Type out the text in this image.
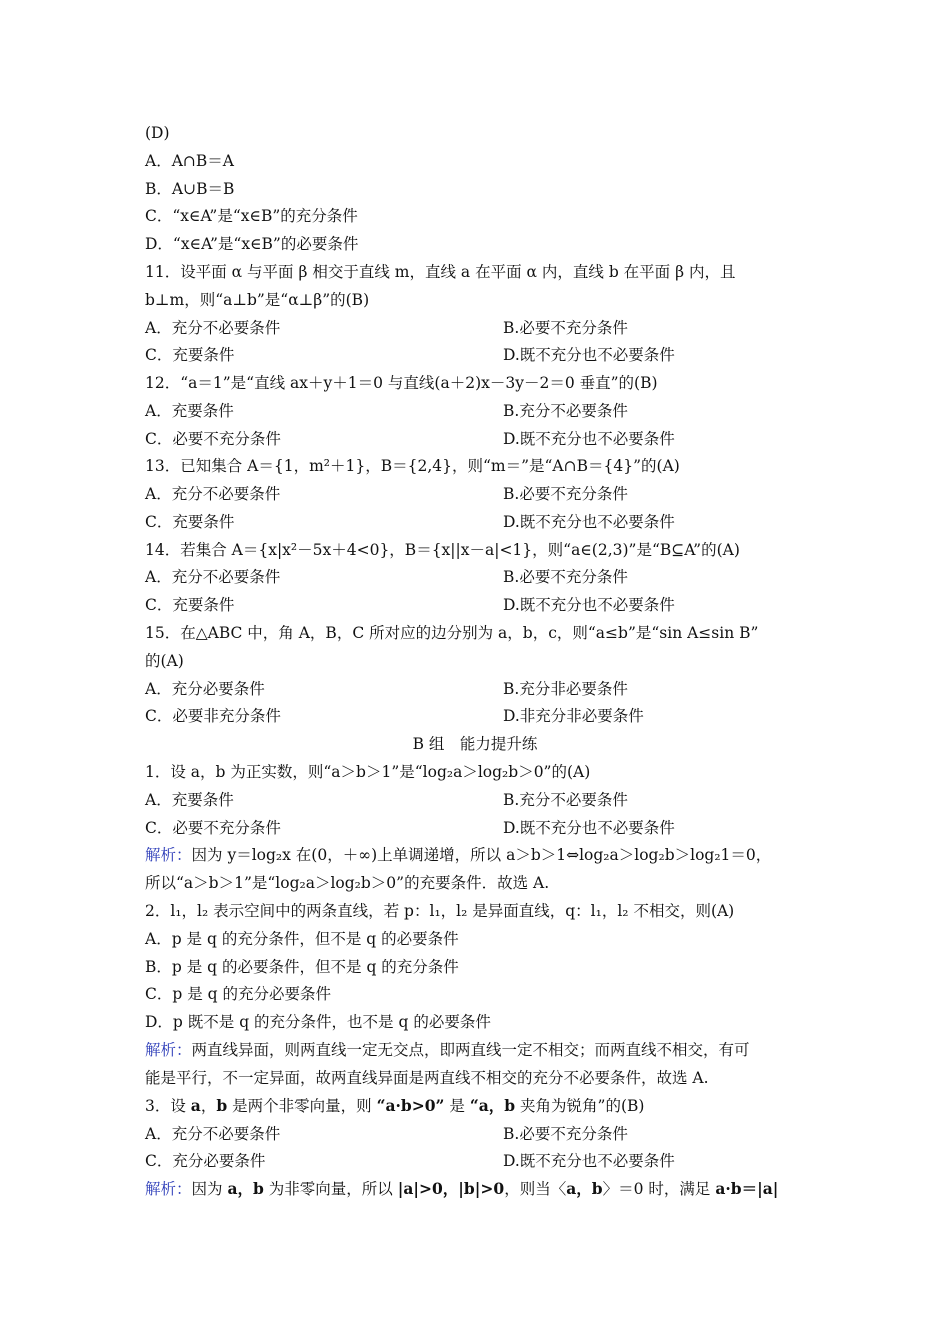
(D)
A．A∩B＝A
B．A∪B＝B
C．“x∈A”是“x∈B”的充分条件
D．“x∈A”是“x∈B”的必要条件
11．设平面 α 与平面 β 相交于直线 m，直线 a 在平面 α 内，直线 b 在平面 β 内，且
b⊥m，则“a⊥b”是“α⊥β”的(B)
A．充分不必要条件	B.必要不充分条件
C．充要条件	D.既不充分也不必要条件
12．“a＝1”是“直线 ax＋y＋1＝0 与直线(a＋2)x－3y－2＝0 垂直”的(B)
A．充要条件	B.充分不必要条件
C．必要不充分条件	D.既不充分也不必要条件
13．已知集合 A＝{1，m²＋1}，B＝{2,4}，则“m＝”是“A∩B＝{4}”的(A)
A．充分不必要条件	B.必要不充分条件
C．充要条件	D.既不充分也不必要条件
14．若集合 A＝{x|x²－5x＋4<0}，B＝{x||x－a|<1}，则“a∈(2,3)”是“B⊆A”的(A)
A．充分不必要条件	B.必要不充分条件
C．充要条件	D.既不充分也不必要条件
15．在△ABC 中，角 A，B，C 所对应的边分别为 a，b，c，则“a≤b”是“sin A≤sin B”
的(A)
A．充分必要条件	B.充分非必要条件
C．必要非充分条件	D.非充分非必要条件
B 组　能力提升练
1．设 a，b 为正实数，则“a＞b＞1”是“log₂a＞log₂b＞0”的(A)
A．充要条件	B.充分不必要条件
C．必要不充分条件	D.既不充分也不必要条件
解析：因为 y＝log₂x 在(0，＋∞)上单调递增，所以 a＞b＞1⇔log₂a＞log₂b＞log₂1＝0，
所以“a＞b＞1”是“log₂a＞log₂b＞0”的充要条件．故选 A.
2．l₁，l₂ 表示空间中的两条直线，若 p：l₁，l₂ 是异面直线，q：l₁，l₂ 不相交，则(A)
A．p 是 q 的充分条件，但不是 q 的必要条件
B．p 是 q 的必要条件，但不是 q 的充分条件
C．p 是 q 的充分必要条件
D．p 既不是 q 的充分条件，也不是 q 的必要条件
解析：两直线异面，则两直线一定无交点，即两直线一定不相交；而两直线不相交，有可
能是平行，不一定异面，故两直线异面是两直线不相交的充分不必要条件，故选 A.
3．设 a，b 是两个非零向量，则 “a·b>0” 是 “a，b 夹角为锐角”的(B)
A．充分不必要条件	B.必要不充分条件
C．充分必要条件	D.既不充分也不必要条件
解析：因为 a，b 为非零向量，所以 |a|>0，|b|>0，则当〈a，b〉＝0 时，满足 a·b＝|a|
